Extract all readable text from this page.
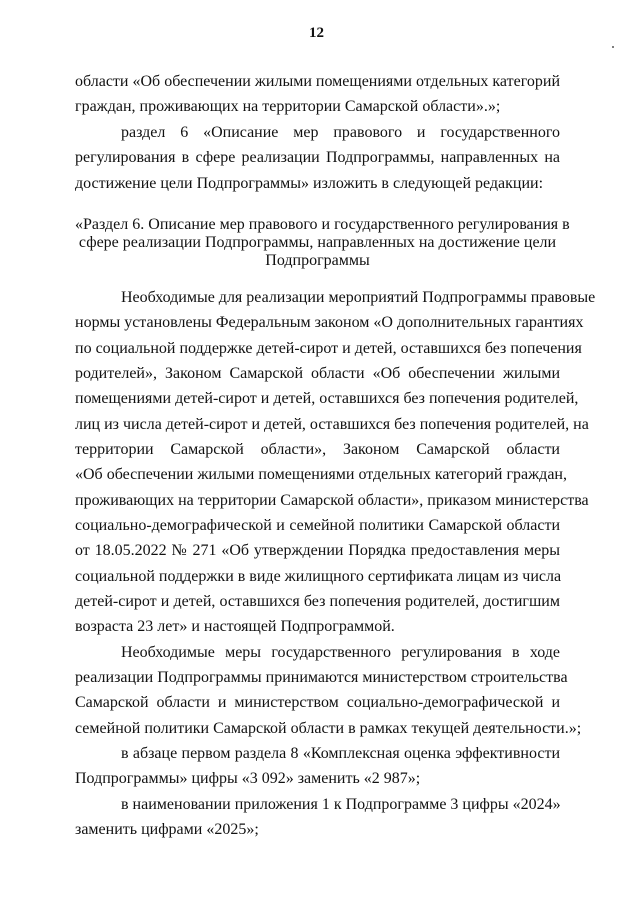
12
области «Об обеспечении жилыми помещениями отдельных категорий
граждан, проживающих на территории Самарской области».»;
раздел 6 «Описание мер правового и государственного
регулирования в сфере реализации Подпрограммы, направленных на
достижение цели Подпрограммы» изложить в следующей редакции:
«Раздел 6. Описание мер правового и государственного регулирования в
сфере реализации Подпрограммы, направленных на достижение цели
Подпрограммы
Необходимые для реализации мероприятий Подпрограммы правовые
нормы установлены Федеральным законом «О дополнительных гарантиях
по социальной поддержке детей-сирот и детей, оставшихся без попечения
родителей», Законом Самарской области «Об обеспечении жилыми
помещениями детей-сирот и детей, оставшихся без попечения родителей,
лиц из числа детей-сирот и детей, оставшихся без попечения родителей, на
территории Самарской области», Законом Самарской области
«Об обеспечении жилыми помещениями отдельных категорий граждан,
проживающих на территории Самарской области», приказом министерства
социально-демографической и семейной политики Самарской области
от 18.05.2022 № 271 «Об утверждении Порядка предоставления меры
социальной поддержки в виде жилищного сертификата лицам из числа
детей-сирот и детей, оставшихся без попечения родителей, достигшим
возраста 23 лет» и настоящей Подпрограммой.
Необходимые меры государственного регулирования в ходе
реализации Подпрограммы принимаются министерством строительства
Самарской области и министерством социально-демографической и
семейной политики Самарской области в рамках текущей деятельности.»;
в абзаце первом раздела 8 «Комплексная оценка эффективности
Подпрограммы» цифры «3 092» заменить «2 987»;
в наименовании приложения 1 к Подпрограмме 3 цифры «2024»
заменить цифрами «2025»;
